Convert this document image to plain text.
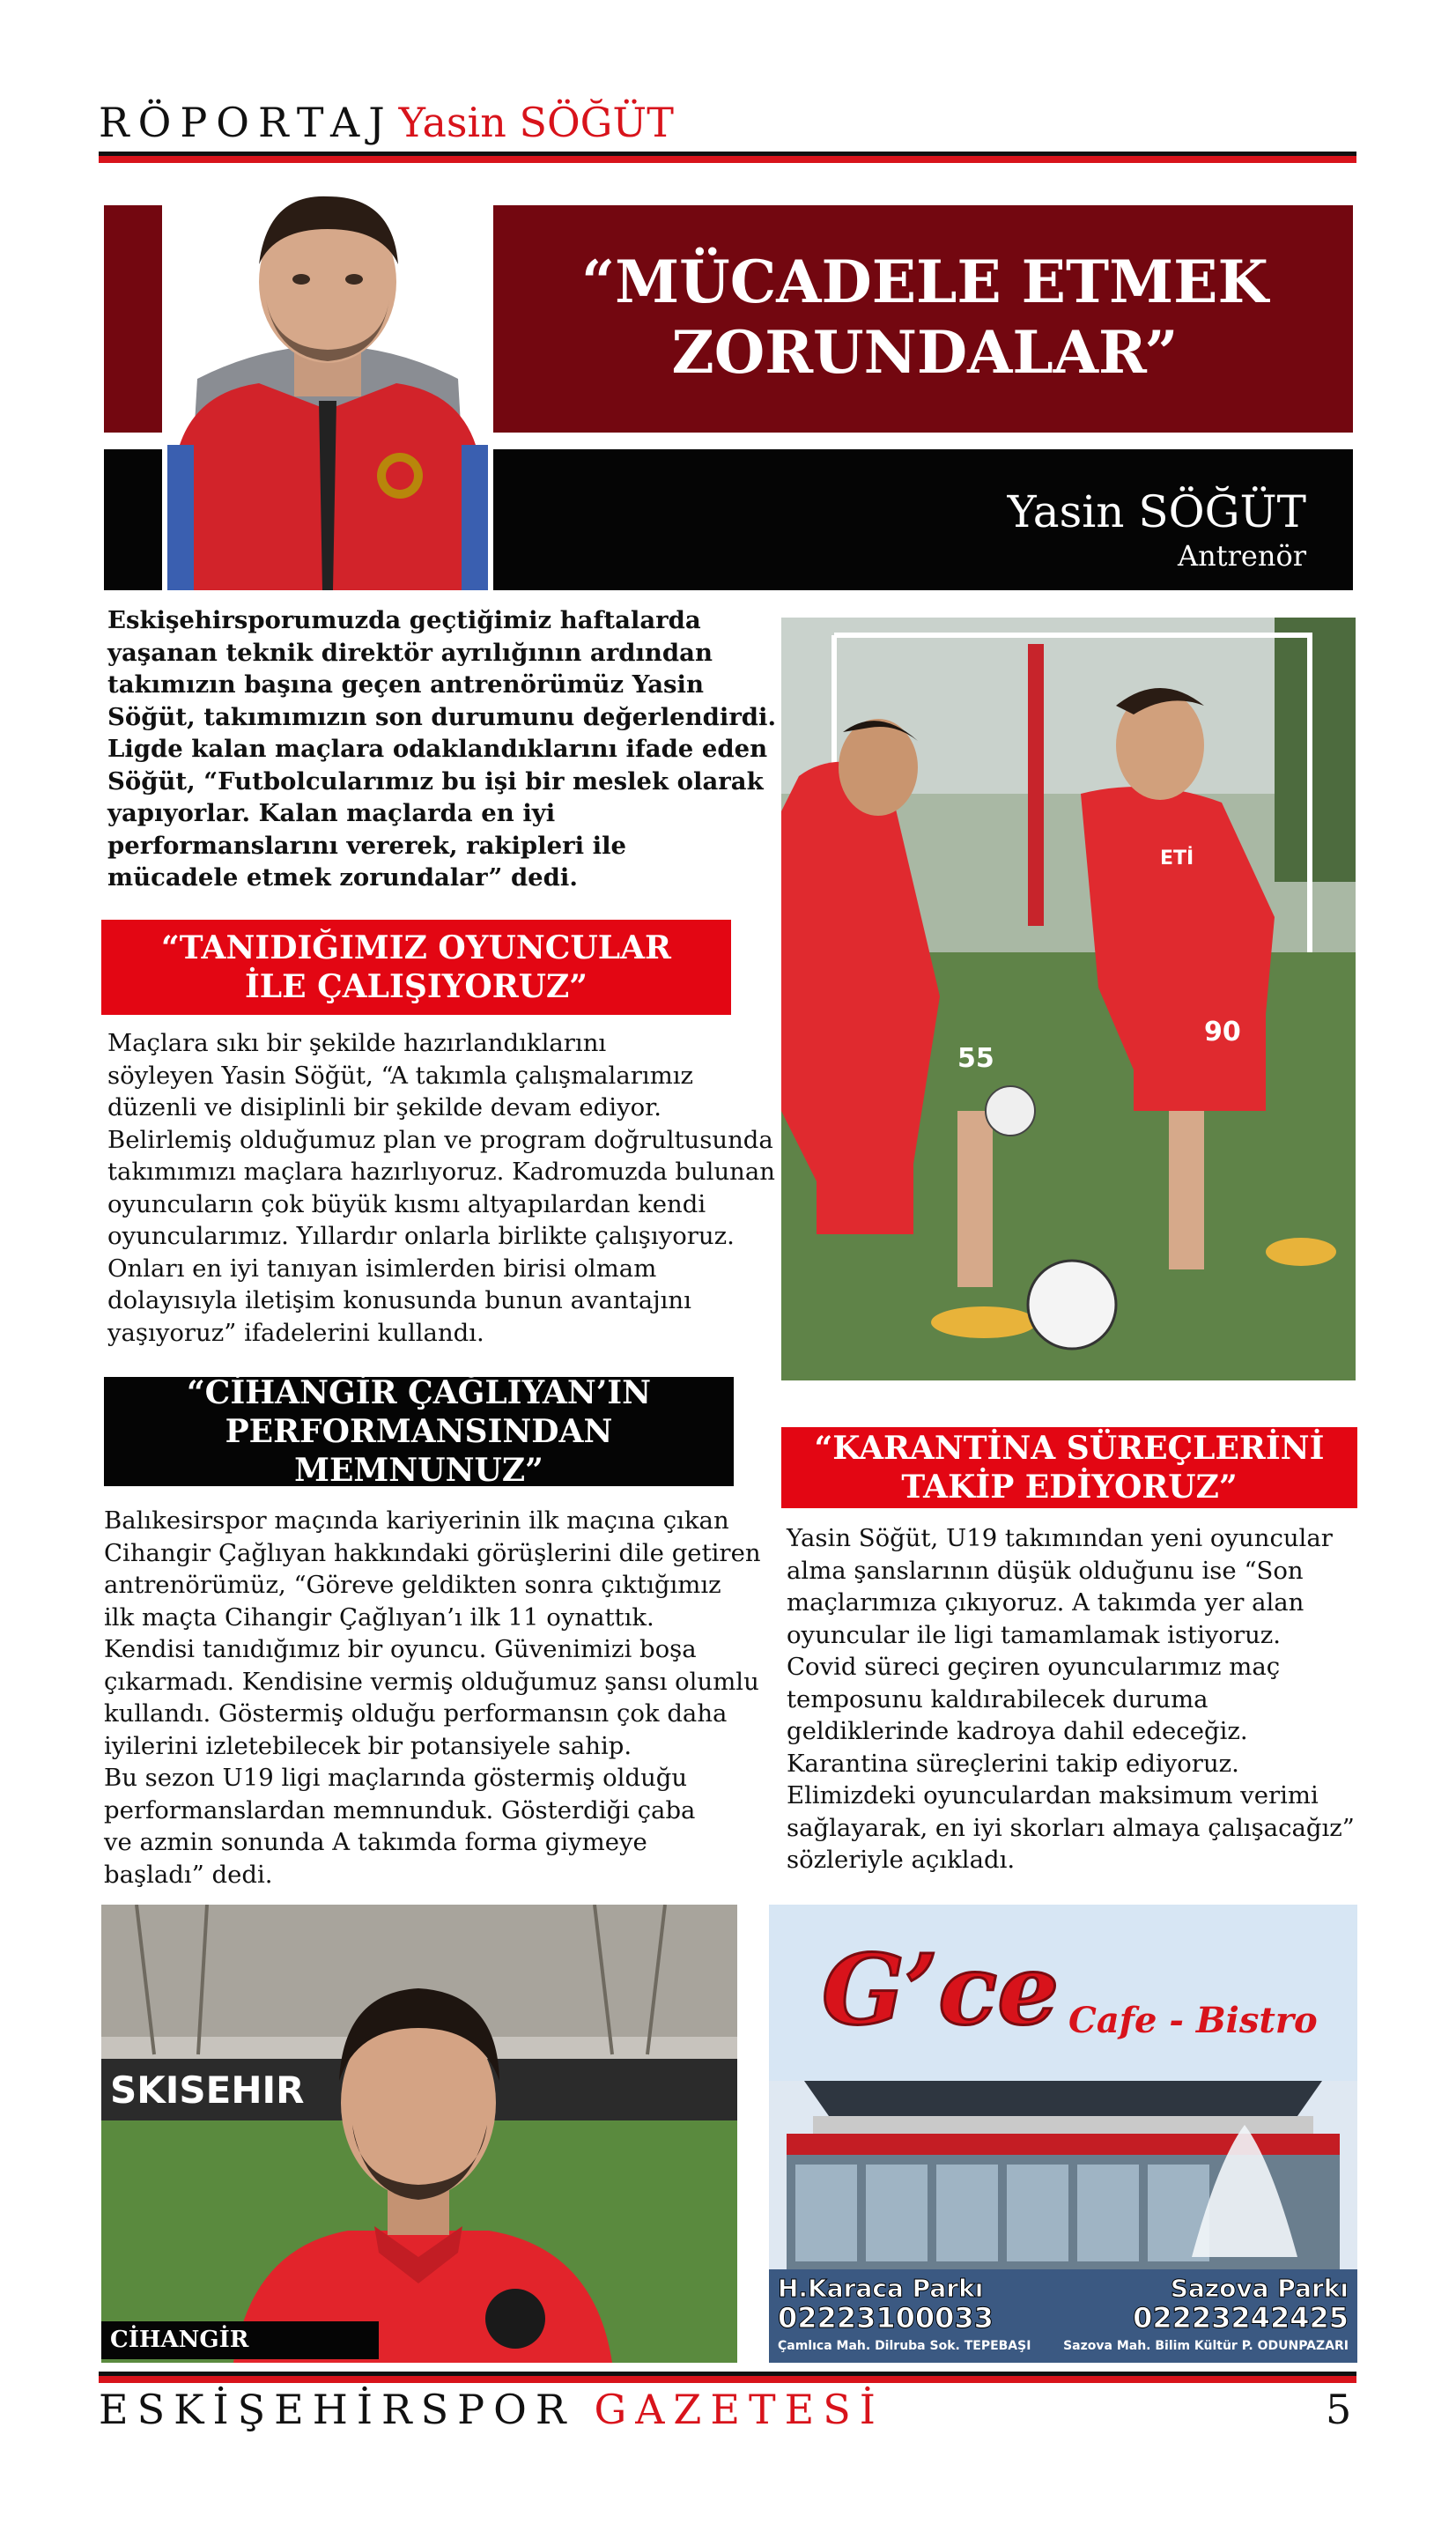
RÖPORTAJ Yasin SÖĞÜT
“MÜCADELE ETMEK
ZORUNDALAR”
Yasin SÖĞÜT
Antrenör
Eskişehirsporumuzda geçtiğimiz haftalarda
yaşanan teknik direktör ayrılığının ardından
takımızın başına geçen antrenörümüz Yasin
Söğüt, takımımızın son durumunu değerlendirdi.
Ligde kalan maçlara odaklandıklarını ifade eden
Söğüt, “Futbolcularımız bu işi bir meslek olarak
yapıyorlar. Kalan maçlarda en iyi
performanslarını vererek, rakipleri ile
mücadele etmek zorundalar” dedi.
“TANIDIĞIMIZ OYUNCULAR
İLE ÇALIŞIYORUZ”
Maçlara sıkı bir şekilde hazırlandıklarını
söyleyen Yasin Söğüt, “A takımla çalışmalarımız
düzenli ve disiplinli bir şekilde devam ediyor.
Belirlemiş olduğumuz plan ve program doğrultusunda
takımımızı maçlara hazırlıyoruz. Kadromuzda bulunan
oyuncuların çok büyük kısmı altyapılardan kendi
oyuncularımız. Yıllardır onlarla birlikte çalışıyoruz.
Onları en iyi tanıyan isimlerden birisi olmam
dolayısıyla iletişim konusunda bunun avantajını
yaşıyoruz” ifadelerini kullandı.
55
90
ETİ
“CİHANGİR ÇAĞLIYAN’IN
PERFORMANSINDAN MEMNUNUZ”
Balıkesirspor maçında kariyerinin ilk maçına çıkan
Cihangir Çağlıyan hakkındaki görüşlerini dile getiren
antrenörümüz, “Göreve geldikten sonra çıktığımız
ilk maçta Cihangir Çağlıyan’ı ilk 11 oynattık.
Kendisi tanıdığımız bir oyuncu. Güvenimizi boşa
çıkarmadı. Kendisine vermiş olduğumuz şansı olumlu
kullandı. Göstermiş olduğu performansın çok daha
iyilerini izletebilecek bir potansiyele sahip.
Bu sezon U19 ligi maçlarında göstermiş olduğu
performanslardan memnunduk. Gösterdiği çaba
ve azmin sonunda A takımda forma giymeye
başladı” dedi.
“KARANTİNA SÜREÇLERİNİ
TAKİP EDİYORUZ”
Yasin Söğüt, U19 takımından yeni oyuncular
alma şanslarının düşük olduğunu ise “Son
maçlarımıza çıkıyoruz. A takımda yer alan
oyuncular ile ligi tamamlamak istiyoruz.
Covid süreci geçiren oyuncularımız maç
temposunu kaldırabilecek duruma
geldiklerinde kadroya dahil edeceğiz.
Karantina süreçlerini takip ediyoruz.
Elimizdeki oyunculardan maksimum verimi
sağlayarak, en iyi skorları almaya çalışacağız”
sözleriyle açıkladı.
SKISEHIR
CİHANGİR
G’ce Cafe - Bistro
H.Karaca Parkı
02223100033
Çamlıca Mah. Dilruba Sok. TEPEBAŞI
Sazova Parkı
02223242425
Sazova Mah. Bilim Kültür P. ODUNPAZARI
ESKİŞEHİRSPOR GAZETESİ	5
